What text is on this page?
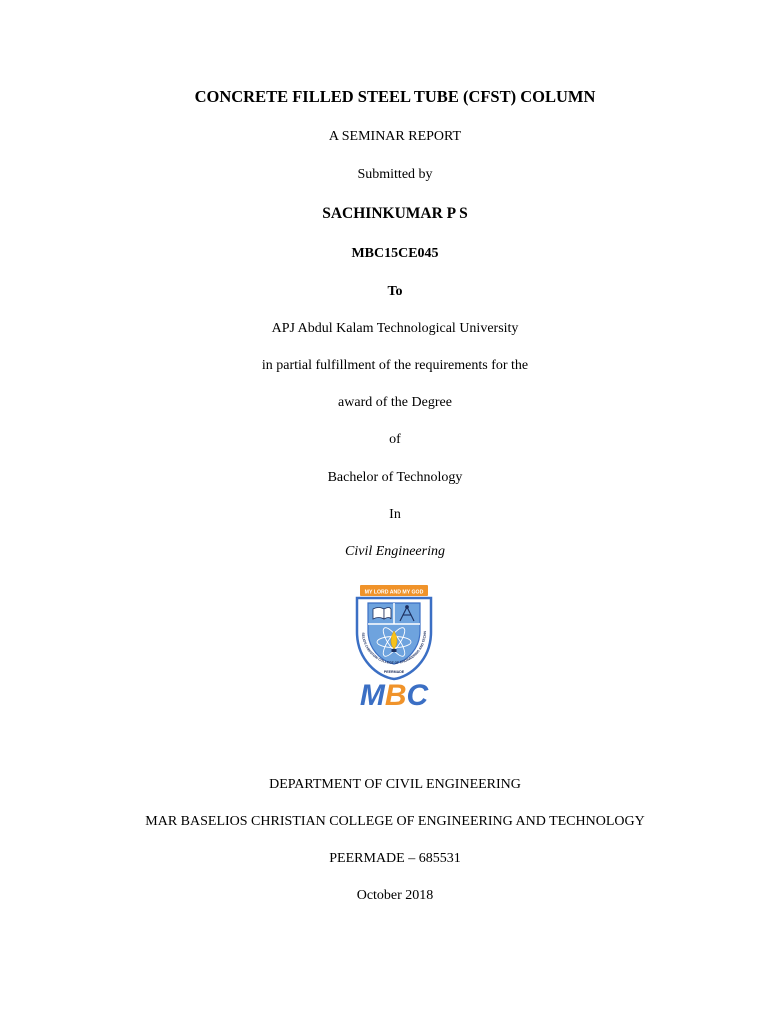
CONCRETE FILLED STEEL TUBE (CFST) COLUMN
A SEMINAR REPORT
Submitted by
SACHINKUMAR P S
MBC15CE045
To
APJ Abdul Kalam Technological University
in partial fulfillment of the requirements for the
award of the Degree
of
Bachelor of Technology
In
Civil Engineering
MY LORD AND MY GOD
SELIOS CHRISTIAN COLLEGE OF ENGINEERING AND TECHN
PEERMADE
MBC
DEPARTMENT OF CIVIL ENGINEERING
MAR BASELIOS CHRISTIAN COLLEGE OF ENGINEERING AND TECHNOLOGY
PEERMADE – 685531
October 2018
